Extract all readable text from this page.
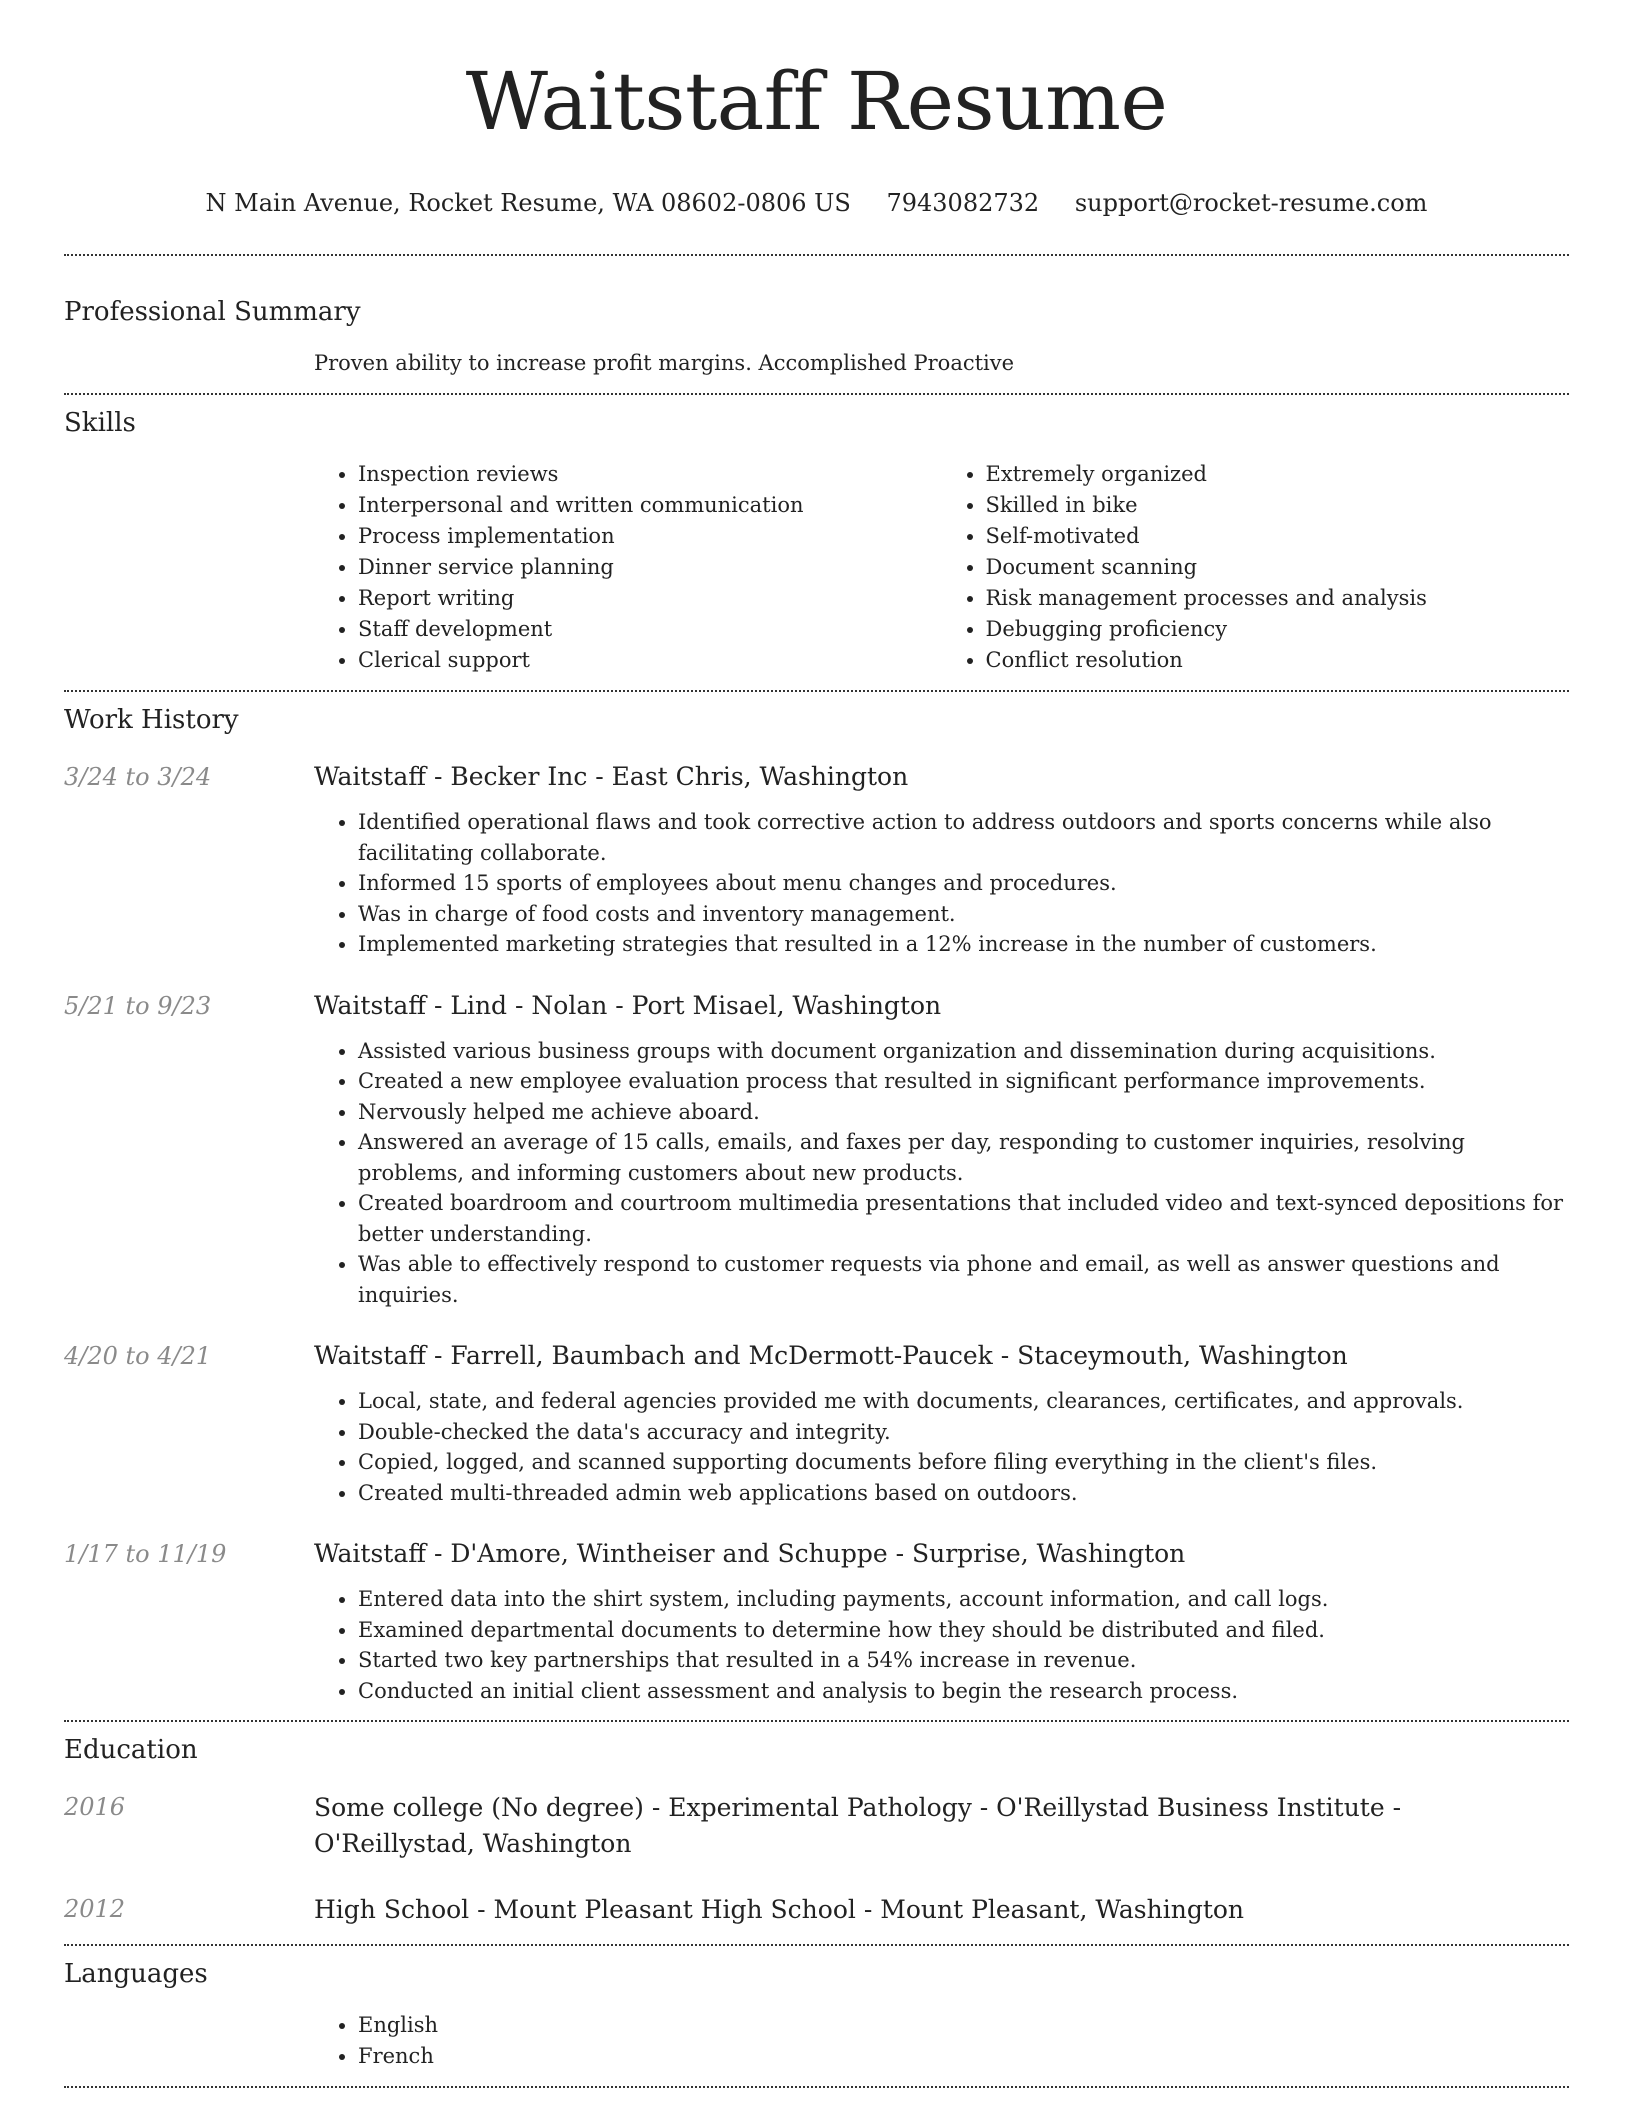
Waitstaff Resume
N Main Avenue, Rocket Resume, WA 08602-0806 US 7943082732 support@rocket-resume.com
Professional Summary
Proven ability to increase profit margins. Accomplished Proactive
Skills
• Inspection reviews
• Interpersonal and written communication
• Process implementation
• Dinner service planning
• Report writing
• Staff development
• Clerical support
• Extremely organized
• Skilled in bike
• Self-motivated
• Document scanning
• Risk management processes and analysis
• Debugging proficiency
• Conflict resolution
Work History
3/24 to 3/24	Waitstaff - Becker Inc - East Chris, Washington
• Identified operational flaws and took corrective action to address outdoors and sports concerns while also facilitating collaborate.
• Informed 15 sports of employees about menu changes and procedures.
• Was in charge of food costs and inventory management.
• Implemented marketing strategies that resulted in a 12% increase in the number of customers.
5/21 to 9/23	Waitstaff - Lind - Nolan - Port Misael, Washington
• Assisted various business groups with document organization and dissemination during acquisitions.
• Created a new employee evaluation process that resulted in significant performance improvements.
• Nervously helped me achieve aboard.
• Answered an average of 15 calls, emails, and faxes per day, responding to customer inquiries, resolving problems, and informing customers about new products.
• Created boardroom and courtroom multimedia presentations that included video and text-synced depositions for better understanding.
• Was able to effectively respond to customer requests via phone and email, as well as answer questions and inquiries.
4/20 to 4/21	Waitstaff - Farrell, Baumbach and McDermott-Paucek - Staceymouth, Washington
• Local, state, and federal agencies provided me with documents, clearances, certificates, and approvals.
• Double-checked the data's accuracy and integrity.
• Copied, logged, and scanned supporting documents before filing everything in the client's files.
• Created multi-threaded admin web applications based on outdoors.
1/17 to 11/19	Waitstaff - D'Amore, Wintheiser and Schuppe - Surprise, Washington
• Entered data into the shirt system, including payments, account information, and call logs.
• Examined departmental documents to determine how they should be distributed and filed.
• Started two key partnerships that resulted in a 54% increase in revenue.
• Conducted an initial client assessment and analysis to begin the research process.
Education
2016	Some college (No degree) - Experimental Pathology - O'Reillystad Business Institute - O'Reillystad, Washington
2012	High School - Mount Pleasant High School - Mount Pleasant, Washington
Languages
• English
• French
